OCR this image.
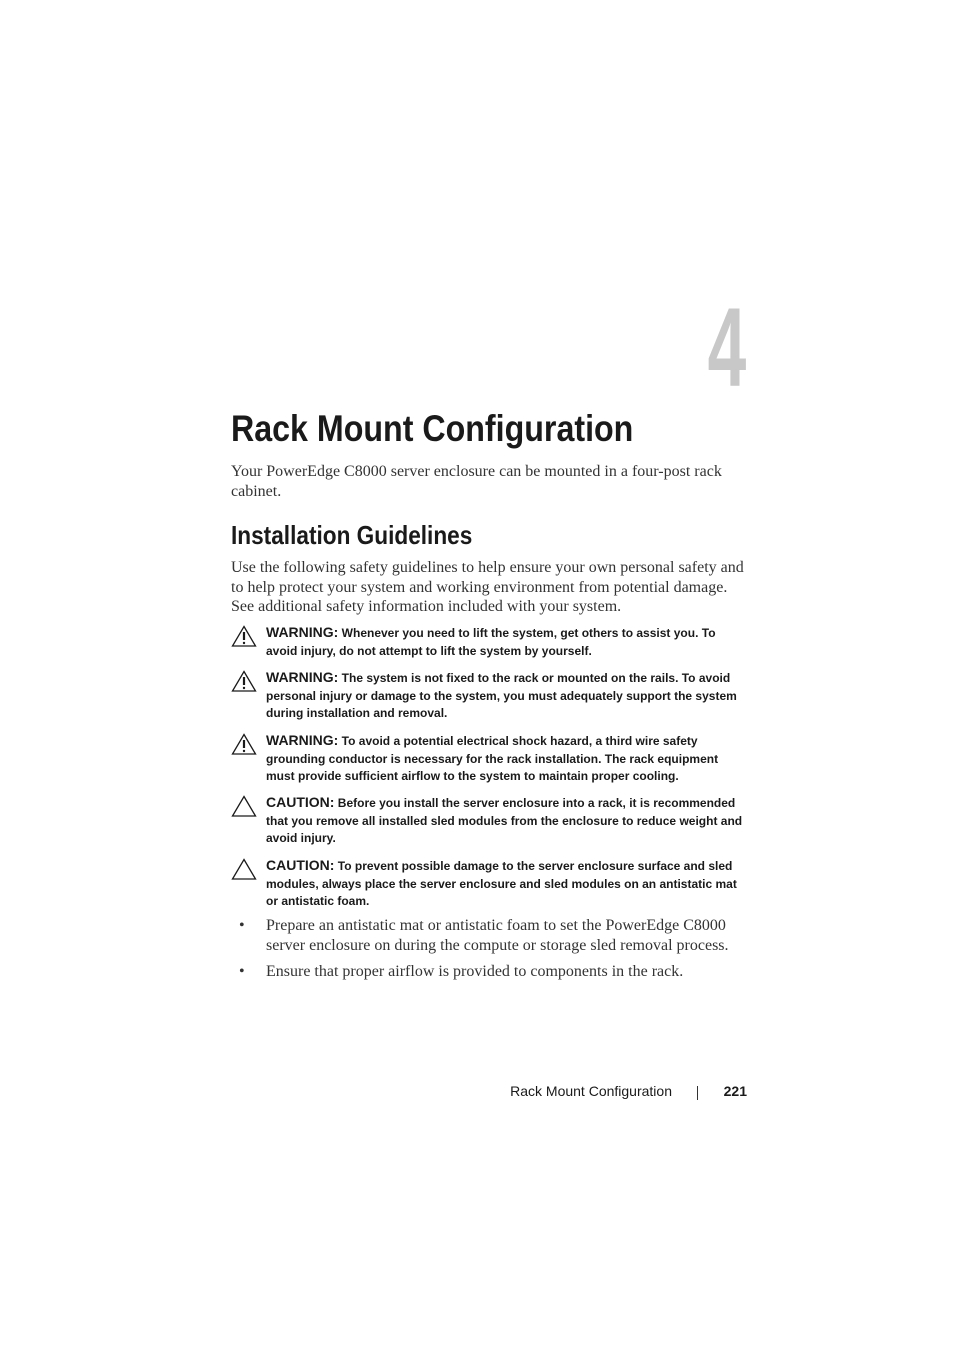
4
Rack Mount Configuration

Your PowerEdge C8000 server enclosure can be mounted in a four-post rack cabinet.

Installation Guidelines

Use the following safety guidelines to help ensure your own personal safety and to help protect your system and working environment from potential damage. See additional safety information included with your system.

WARNING: Whenever you need to lift the system, get others to assist you. To avoid injury, do not attempt to lift the system by yourself.
WARNING: The system is not fixed to the rack or mounted on the rails. To avoid personal injury or damage to the system, you must adequately support the system during installation and removal.
WARNING: To avoid a potential electrical shock hazard, a third wire safety grounding conductor is necessary for the rack installation. The rack equipment must provide sufficient airflow to the system to maintain proper cooling.
CAUTION: Before you install the server enclosure into a rack, it is recommended that you remove all installed sled modules from the enclosure to reduce weight and avoid injury.
CAUTION: To prevent possible damage to the server enclosure surface and sled modules, always place the server enclosure and sled modules on an antistatic mat or antistatic foam.
• Prepare an antistatic mat or antistatic foam to set the PowerEdge C8000 server enclosure on during the compute or storage sled removal process.
• Ensure that proper airflow is provided to components in the rack.
Rack Mount Configuration	221
